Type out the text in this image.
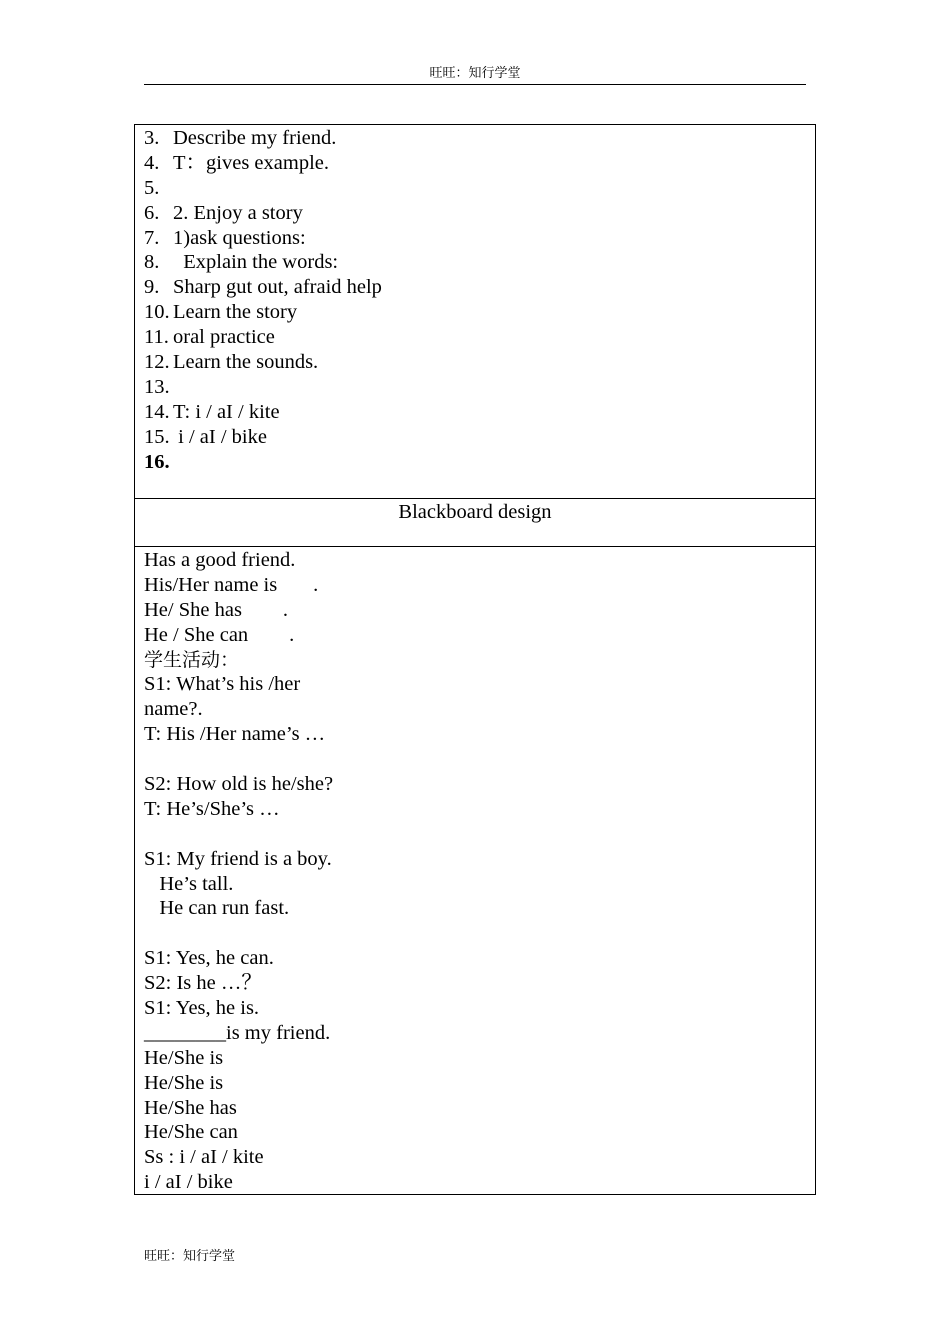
旺旺：知行学堂
3. Describe my friend.
4. T：gives example.
5.
6. 2. Enjoy a story
7. 1)ask questions:
8.  Explain the words:
9. Sharp gut out, afraid help
10. Learn the story
11. oral practice
12. Learn the sounds.
13.
14. T: i / aI / kite
15. i / aI / bike
16.
Blackboard design
Has a good friend.
His/Her name is       .
He/ She has        .
He / She can        .
学生活动：
S1: What’s his /her
name?.
T: His /Her name’s …
S2: How old is he/she?
T: He’s/She’s …
S1: My friend is a boy.
He’s tall.
He can run fast.
S1: Yes, he can.
S2: Is he …？
S1: Yes, he is.
________is my friend.
He/She is
He/She is
He/She has
He/She can
Ss : i / aI / kite
i / aI / bike
旺旺：知行学堂
